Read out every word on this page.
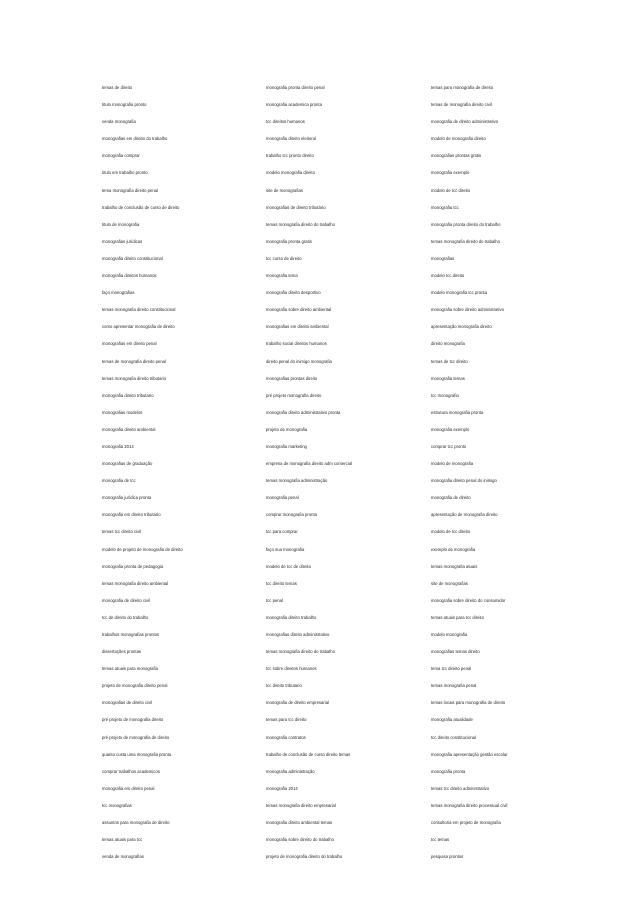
temas de direito
titulo monografia pronto
venda monografia
monografias em direito do trabalho
monografia comprar
titulo em trabalho pronto
tema monografia direito penal
trabalho de conclusão de curso de direito
titulo de monografia
monografias jurídicas
monografia direito constitucional
monografia direitos humanos
faço monografias
temas monografia direito constitucional
como apresentar monografia de direito
monografias em direito penal
temas de monografia direito penal
temas monografia direito tributario
monografia direito tributario
monografias modelos
monografia direito ambiental
monografia 2014
monografias de graduação
monografia de tcc
monografia jurídica pronta
monografia em direito tributario
temas tcc direito civil
modelo de projeto de monografia de direito
monografia pronta de pedagogia
temas monografia direito ambiental
monografia de direito civil
tcc de direito do trabalho
trabalhos monografias prontos
dissertações prontas
temas atuais para monografia
projeto de monografia direito penal
monografias de direito civil
pré projeto de monografia direito
pré projeto de monografia de direito
quanto custa uma monografia pronta
comprar trabalhos academicos
monografia em direito penal
tcc monografias
assuntos para monografia de direito
temas atuais para tcc
venda de monografias
monografia pronta direito penal
monografia academica pronta
tcc direitos humanos
monografia direito eleitoral
trabalho tcc pronto direito
modelo monografia direito
site de monografias
monografias de direito tributário
temas monografia direito do trabalho
monografia pronta gratis
tcc curso de direito
monografia tema
monografia direito desportivo
monografia sobre direito ambiental
monografias em direito ambiental
trabalho social direitos humanos
direito penal do inimigo monografia
monografias prontas direito
pré projeto monografia direito
monografia direito administrativo pronta
projeto de monografia
monografia marketing
empresa de monografia direito adm comercial
temas monografia administração
monografia penal
comprar monografia pronta
tcc para comprar
faço sua monografia
modelo de tcc de direito
tcc direito temas
tcc penal
monografia direito trabalho
monografias direito administrativo
temas monografia direito do trabalho
tcc sobre direitos humanos
tcc direito tributario
monografia de direito empresarial
temas para tcc direito
monografia contratos
trabalho de conclusão de curso direito temas
monografia administração
monografia 2014
temas monografia direito empresarial
monografia direito ambiental temas
monografia sobre direito do trabalho
projeto de monografia direito do trabalho
temas para monografia de direito
temas de monografia direito civil
monografia de direito administrativo
modelo de monografia direito
monografias prontas gratis
monografia exemplo
modelo de tcc direito
monografia tcc
monografia pronta direito do trabalho
temas monografia direito do trabalho
monografias
modelo tcc direito
modelo monografia tcc pronta
monografia sobre direito administrativo
apresentação monografia direito
direito monografia
temas de tcc direito
monografia temas
tcc monografia
estrutura monografia pronta
monografia exemplo
comprar tcc pronto
modelo de monografia
monografia direito penal do inimigo
monografia de direito
apresentação de monografia direito
modelo de tcc direito
exemplo de monografia
temas monografia atuais
site de monografias
monografia sobre direito do consumidor
temas atuais para tcc direito
modelo monografia
monografias temas direito
tema tcc direito penal
temas monografia penal
temas locais para monografia de direito
monografia atualidade
tcc direito constitucional
monografia apresentação gestão escolar
monografia pronta
temas tcc direito administrativo
temas monografia direito processual civil
consultoria em projeto de monografia
tcc temas
pesquisa prontos
